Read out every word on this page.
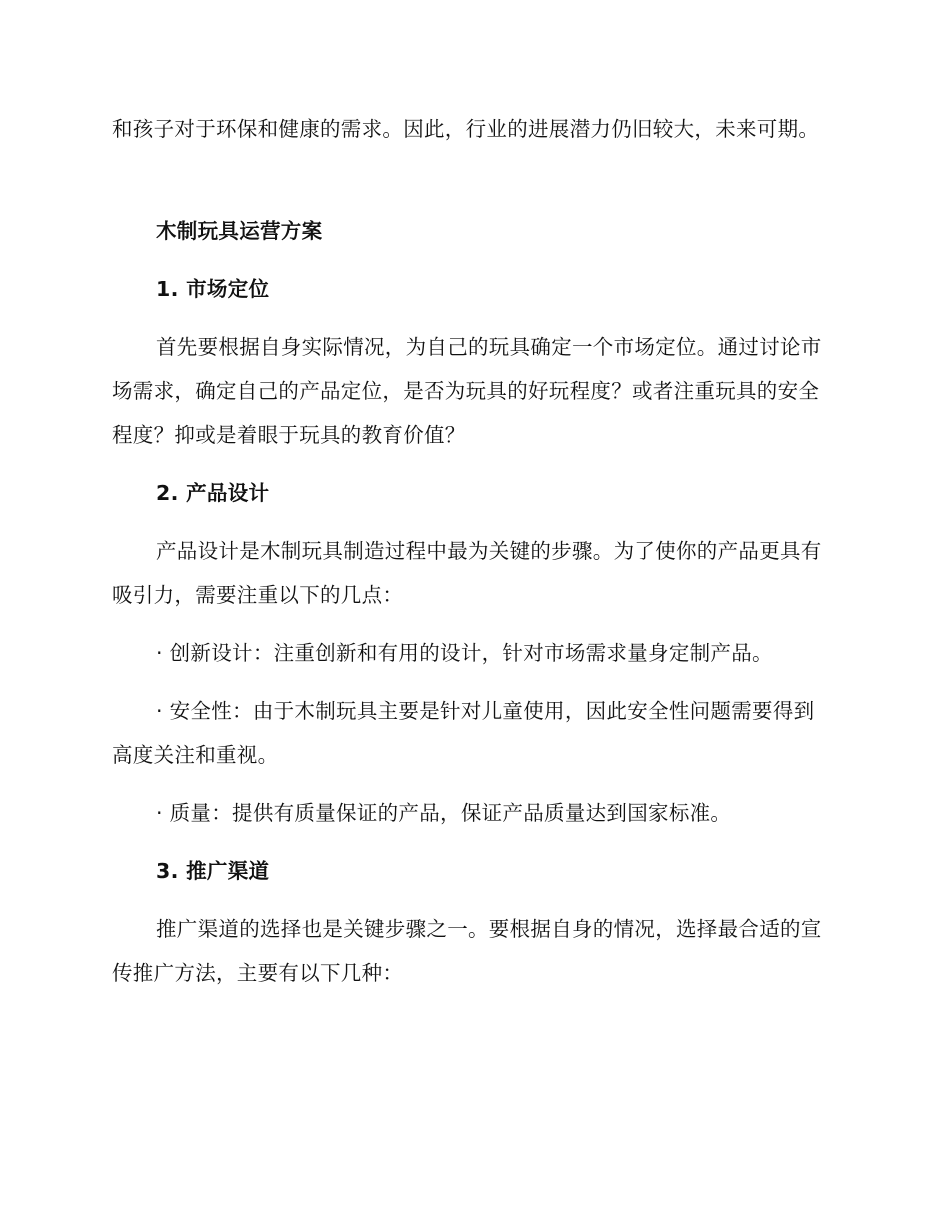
和孩子对于环保和健康的需求。因此，行业的进展潜力仍旧较大，未来可期。

木制玩具运营方案

1. 市场定位

首先要根据自身实际情况，为自己的玩具确定一个市场定位。通过讨论市场需求，确定自己的产品定位，是否为玩具的好玩程度？或者注重玩具的安全程度？抑或是着眼于玩具的教育价值？

2. 产品设计

产品设计是木制玩具制造过程中最为关键的步骤。为了使你的产品更具有吸引力，需要注重以下的几点：

· 创新设计：注重创新和有用的设计，针对市场需求量身定制产品。

· 安全性：由于木制玩具主要是针对儿童使用，因此安全性问题需要得到高度关注和重视。

· 质量：提供有质量保证的产品，保证产品质量达到国家标准。

3. 推广渠道

推广渠道的选择也是关键步骤之一。要根据自身的情况，选择最合适的宣传推广方法，主要有以下几种：
